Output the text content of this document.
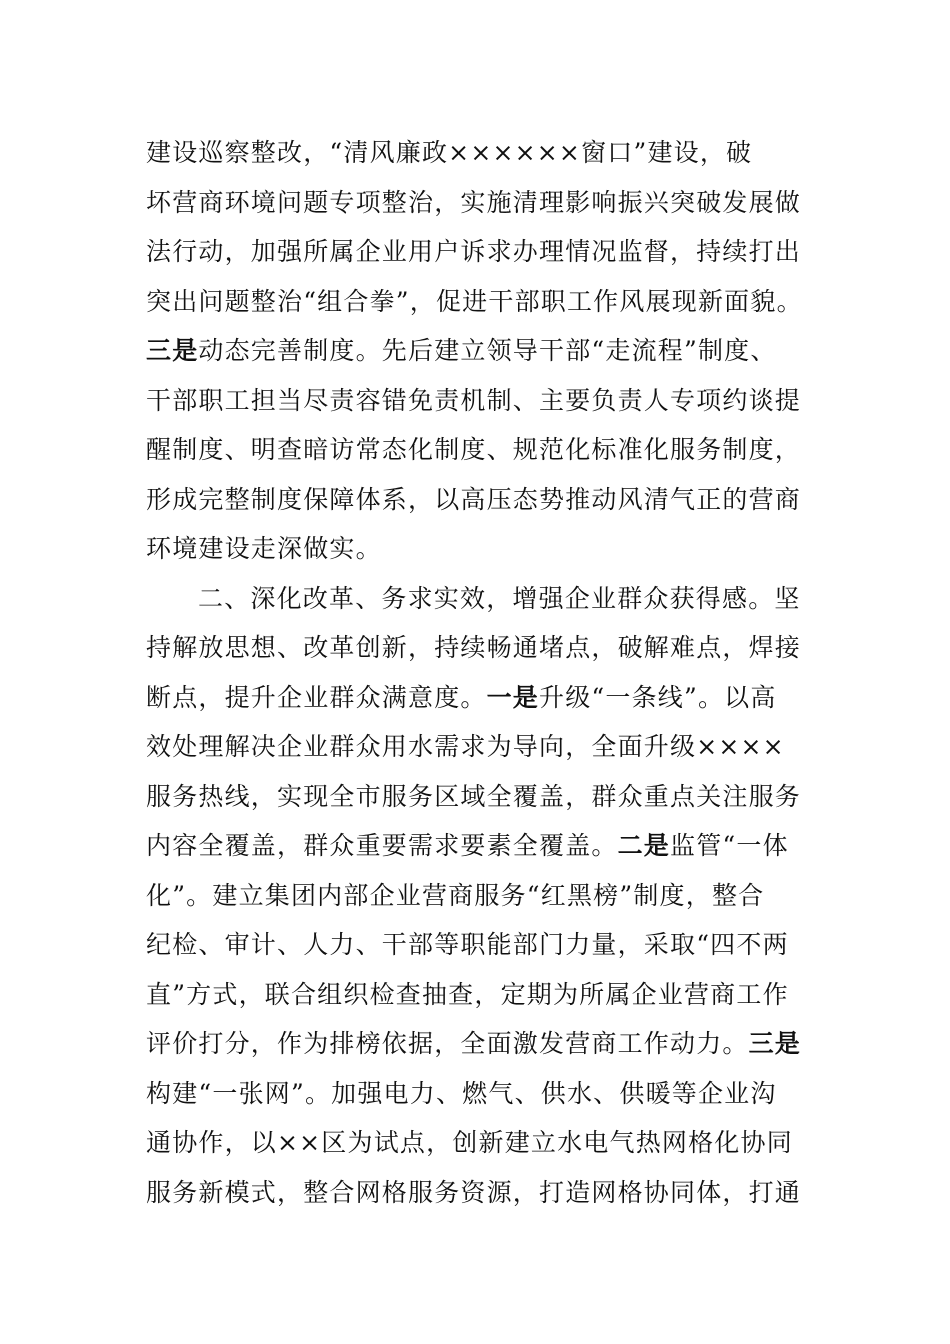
建设巡察整改，“清风廉政××××××窗口”建设，破
坏营商环境问题专项整治，实施清理影响振兴突破发展做
法行动，加强所属企业用户诉求办理情况监督，持续打出
突出问题整治“组合拳”，促进干部职工作风展现新面貌。
三是动态完善制度。先后建立领导干部“走流程”制度、
干部职工担当尽责容错免责机制、主要负责人专项约谈提
醒制度、明查暗访常态化制度、规范化标准化服务制度，
形成完整制度保障体系，以高压态势推动风清气正的营商
环境建设走深做实。
二、深化改革、务求实效，增强企业群众获得感。坚
持解放思想、改革创新，持续畅通堵点，破解难点，焊接
断点，提升企业群众满意度。一是升级“一条线”。以高
效处理解决企业群众用水需求为导向，全面升级××××
服务热线，实现全市服务区域全覆盖，群众重点关注服务
内容全覆盖，群众重要需求要素全覆盖。二是监管“一体
化”。建立集团内部企业营商服务“红黑榜”制度，整合
纪检、审计、人力、干部等职能部门力量，采取“四不两
直”方式，联合组织检查抽查，定期为所属企业营商工作
评价打分，作为排榜依据，全面激发营商工作动力。三是
构建“一张网”。加强电力、燃气、供水、供暖等企业沟
通协作，以××区为试点，创新建立水电气热网格化协同
服务新模式，整合网格服务资源，打造网格协同体，打通
